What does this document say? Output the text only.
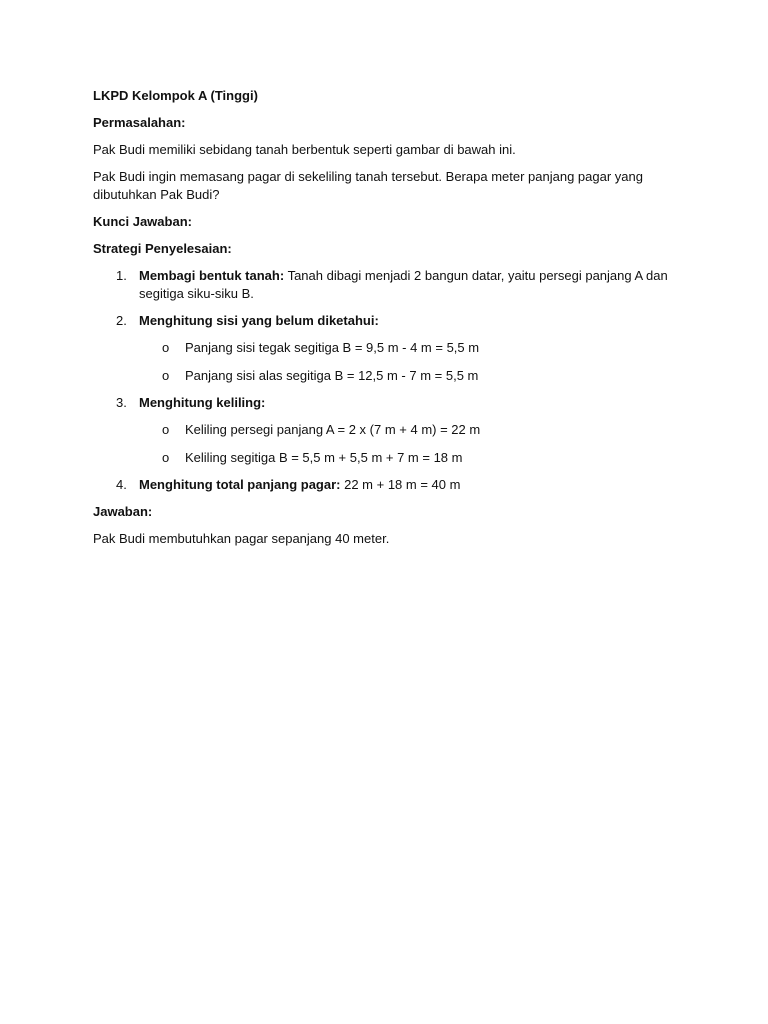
LKPD Kelompok A (Tinggi)

Permasalahan:

Pak Budi memiliki sebidang tanah berbentuk seperti gambar di bawah ini.

Pak Budi ingin memasang pagar di sekeliling tanah tersebut. Berapa meter panjang pagar yang dibutuhkan Pak Budi?

Kunci Jawaban:

Strategi Penyelesaian:

1. Membagi bentuk tanah: Tanah dibagi menjadi 2 bangun datar, yaitu persegi panjang A dan segitiga siku-siku B.
2. Menghitung sisi yang belum diketahui:
o Panjang sisi tegak segitiga B = 9,5 m - 4 m = 5,5 m
o Panjang sisi alas segitiga B = 12,5 m - 7 m = 5,5 m
3. Menghitung keliling:
o Keliling persegi panjang A = 2 x (7 m + 4 m) = 22 m
o Keliling segitiga B = 5,5 m + 5,5 m + 7 m = 18 m
4. Menghitung total panjang pagar: 22 m + 18 m = 40 m

Jawaban:

Pak Budi membutuhkan pagar sepanjang 40 meter.
